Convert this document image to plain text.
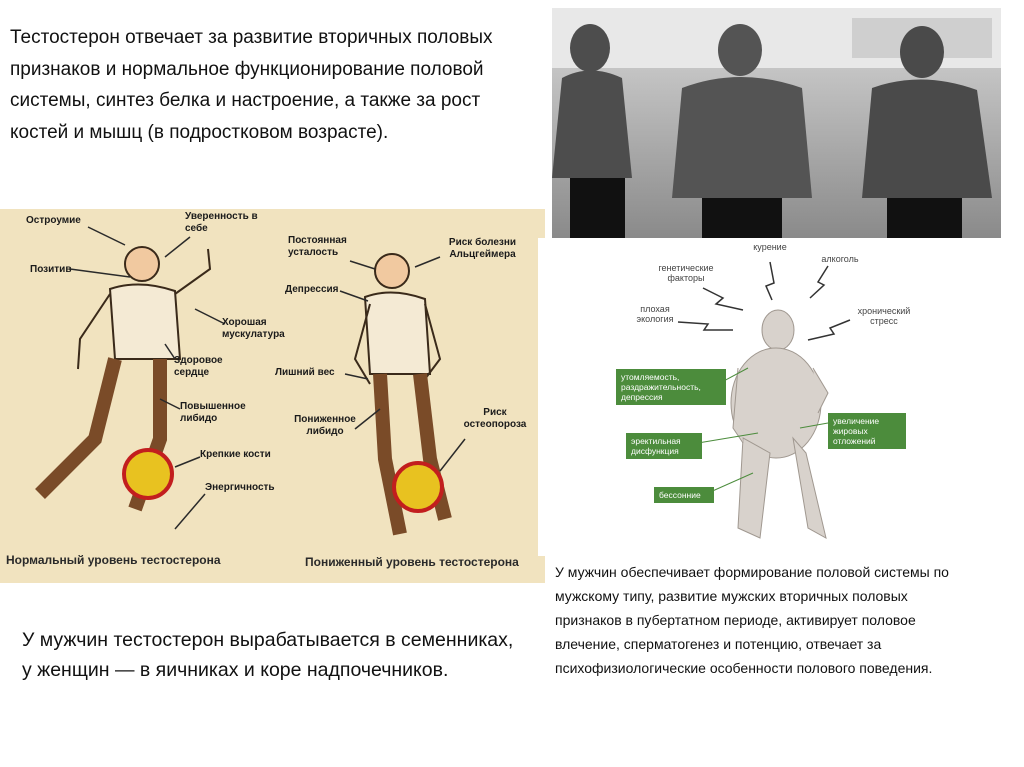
Тестостерон отвечает за развитие вторичных половых признаков и нормальное функционирование половой системы, синтез белка и настроение, а также за рост костей и мышц (в подростковом возрасте).
Остроумие	Уверенность в себе
Позитив
Хорошая мускулатура
Здоровое сердце
Повышенное либидо
Крепкие кости
Энергичность
Постоянная усталость
Риск болезни Альцгеймера
Депрессия
Лишний вес
Пониженное либидо
Риск остеопороза
Нормальный уровень тестостерона	Пониженный уровень тестостерона
курение
генетические факторы
алкоголь
плохая экология
хронический стресс
утомляемость, раздражительность, депрессия
эректильная дисфункция
бессонние
увеличение жировых отложений
У мужчин тестостерон вырабатывается в семенниках, у женщин — в яичниках и коре надпочечников.
У мужчин обеспечивает формирование половой системы по мужскому типу, развитие мужских вторичных половых признаков в пубертатном периоде, активирует половое влечение, сперматогенез и потенцию, отвечает за психофизиологические особенности полового поведения.
